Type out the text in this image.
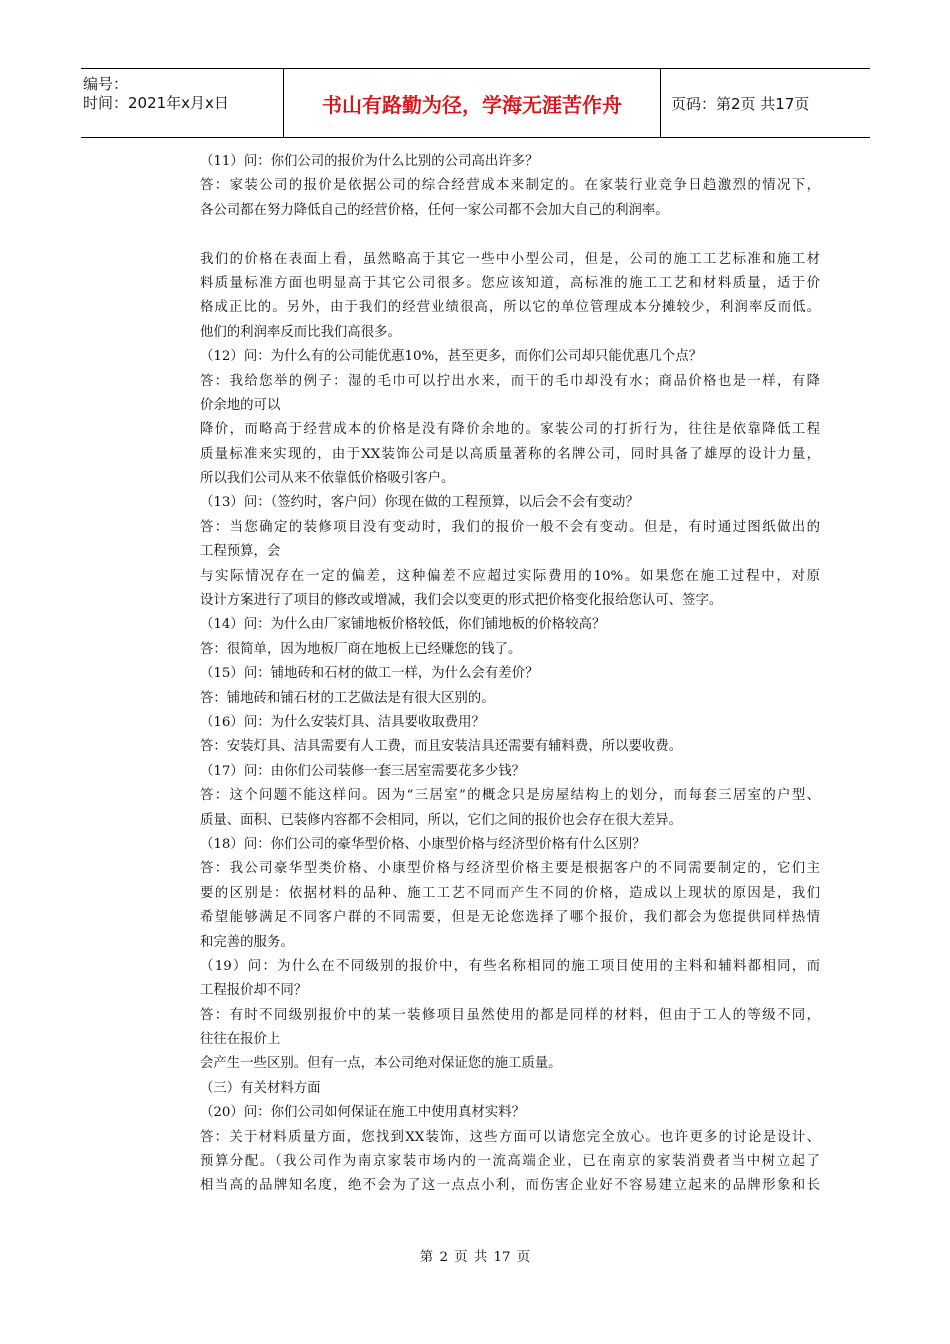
编号：
时间：2021年x月x日	书山有路勤为径，学海无涯苦作舟	页码：第2页 共17页
（11）问：你们公司的报价为什么比别的公司高出许多？
答：家装公司的报价是依据公司的综合经营成本来制定的。在家装行业竞争日趋激烈的情况下，
各公司都在努力降低自己的经营价格，任何一家公司都不会加大自己的利润率。
我们的价格在表面上看，虽然略高于其它一些中小型公司，但是，公司的施工工艺标准和施工材
料质量标准方面也明显高于其它公司很多。您应该知道，高标准的施工工艺和材料质量，适于价
格成正比的。另外，由于我们的经营业绩很高，所以它的单位管理成本分摊较少，利润率反而低。
他们的利润率反而比我们高很多。
（12）问：为什么有的公司能优惠10%，甚至更多，而你们公司却只能优惠几个点？
答：我给您举的例子：湿的毛巾可以拧出水来，而干的毛巾却没有水；商品价格也是一样，有降
价余地的可以
降价，而略高于经营成本的价格是没有降价余地的。家装公司的打折行为，往往是依靠降低工程
质量标准来实现的，由于XX装饰公司是以高质量著称的名牌公司，同时具备了雄厚的设计力量，
所以我们公司从来不依靠低价格吸引客户。
（13）问：（签约时，客户问）你现在做的工程预算，以后会不会有变动？
答：当您确定的装修项目没有变动时，我们的报价一般不会有变动。但是，有时通过图纸做出的
工程预算，会
与实际情况存在一定的偏差，这种偏差不应超过实际费用的10%。如果您在施工过程中，对原
设计方案进行了项目的修改或增减，我们会以变更的形式把价格变化报给您认可、签字。
（14）问：为什么由厂家铺地板价格较低，你们铺地板的价格较高？
答：很简单，因为地板厂商在地板上已经赚您的钱了。
（15）问：铺地砖和石材的做工一样，为什么会有差价？
答：铺地砖和铺石材的工艺做法是有很大区别的。
（16）问：为什么安装灯具、洁具要收取费用？
答：安装灯具、洁具需要有人工费，而且安装洁具还需要有辅料费，所以要收费。
（17）问：由你们公司装修一套三居室需要花多少钱？
答：这个问题不能这样问。因为“三居室”的概念只是房屋结构上的划分，而每套三居室的户型、
质量、面积、已装修内容都不会相同，所以，它们之间的报价也会存在很大差异。
（18）问：你们公司的豪华型价格、小康型价格与经济型价格有什么区别？
答：我公司豪华型类价格、小康型价格与经济型价格主要是根据客户的不同需要制定的，它们主
要的区别是：依据材料的品种、施工工艺不同而产生不同的价格，造成以上现状的原因是，我们
希望能够满足不同客户群的不同需要，但是无论您选择了哪个报价，我们都会为您提供同样热情
和完善的服务。
（19）问：为什么在不同级别的报价中，有些名称相同的施工项目使用的主料和辅料都相同，而
工程报价却不同？
答：有时不同级别报价中的某一装修项目虽然使用的都是同样的材料，但由于工人的等级不同，
往往在报价上
会产生一些区别。但有一点，本公司绝对保证您的施工质量。
（三）有关材料方面
（20）问：你们公司如何保证在施工中使用真材实料？
答：关于材料质量方面，您找到XX装饰，这些方面可以请您完全放心。也许更多的讨论是设计、
预算分配。（我公司作为南京家装市场内的一流高端企业，已在南京的家装消费者当中树立起了
相当高的品牌知名度，绝不会为了这一点点小利，而伤害企业好不容易建立起来的品牌形象和长
第 2 页 共 17 页
